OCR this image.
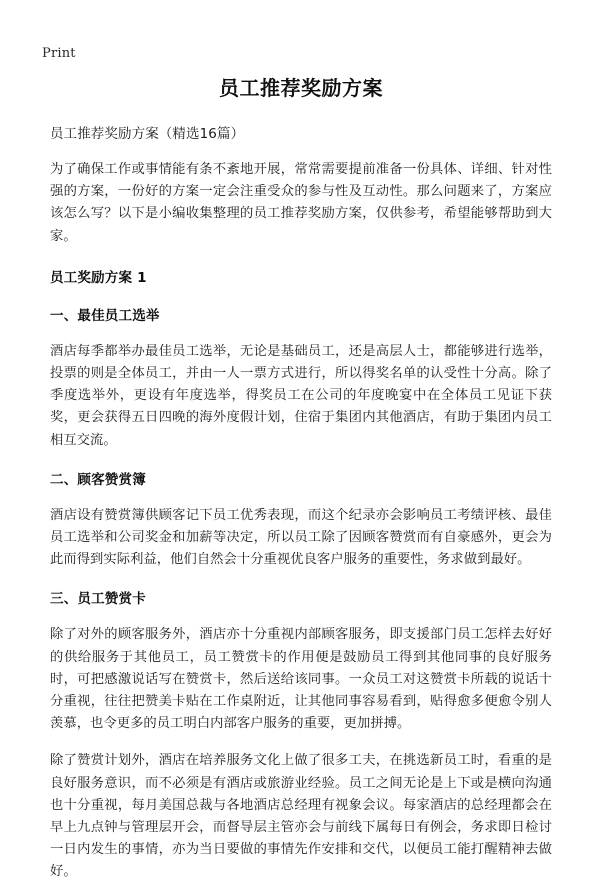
Print
员工推荐奖励方案
员工推荐奖励方案（精选16篇）

为了确保工作或事情能有条不紊地开展，常常需要提前准备一份具体、详细、针对性强的方案，一份好的方案一定会注重受众的参与性及互动性。那么问题来了，方案应该怎么写？以下是小编收集整理的员工推荐奖励方案，仅供参考，希望能够帮助到大家。

员工奖励方案 1
一、最佳员工选举

酒店每季都举办最佳员工选举，无论是基础员工，还是高层人士，都能够进行选举，投票的则是全体员工，并由一人一票方式进行，所以得奖名单的认受性十分高。除了季度选举外，更设有年度选举，得奖员工在公司的年度晚宴中在全体员工见证下获奖，更会获得五日四晚的海外度假计划，住宿于集团内其他酒店，有助于集团内员工相互交流。

二、顾客赞赏簿

酒店设有赞赏簿供顾客记下员工优秀表现，而这个纪录亦会影响员工考绩评核、最佳员工选举和公司奖金和加薪等决定，所以员工除了因顾客赞赏而有自豪感外，更会为此而得到实际利益，他们自然会十分重视优良客户服务的重要性，务求做到最好。

三、员工赞赏卡

除了对外的顾客服务外，酒店亦十分重视内部顾客服务，即支援部门员工怎样去好好的供给服务于其他员工，员工赞赏卡的作用便是鼓励员工得到其他同事的良好服务时，可把感激说话写在赞赏卡，然后送给该同事。一众员工对这赞赏卡所载的说话十分重视，往往把赞美卡贴在工作桌附近，让其他同事容易看到，贴得愈多便愈令别人羡慕，也令更多的员工明白内部客户服务的重要，更加拼搏。

除了赞赏计划外，酒店在培养服务文化上做了很多工夫，在挑选新员工时，看重的是良好服务意识，而不必须是有酒店或旅游业经验。员工之间无论是上下或是横向沟通也十分重视，每月美国总裁与各地酒店总经理有视象会议。每家酒店的总经理都会在早上九点钟与管理层开会，而督导层主管亦会与前线下属每日有例会，务求即日检讨一日内发生的事情，亦为当日要做的事情先作安排和交代，以便员工能打醒精神去做好。
